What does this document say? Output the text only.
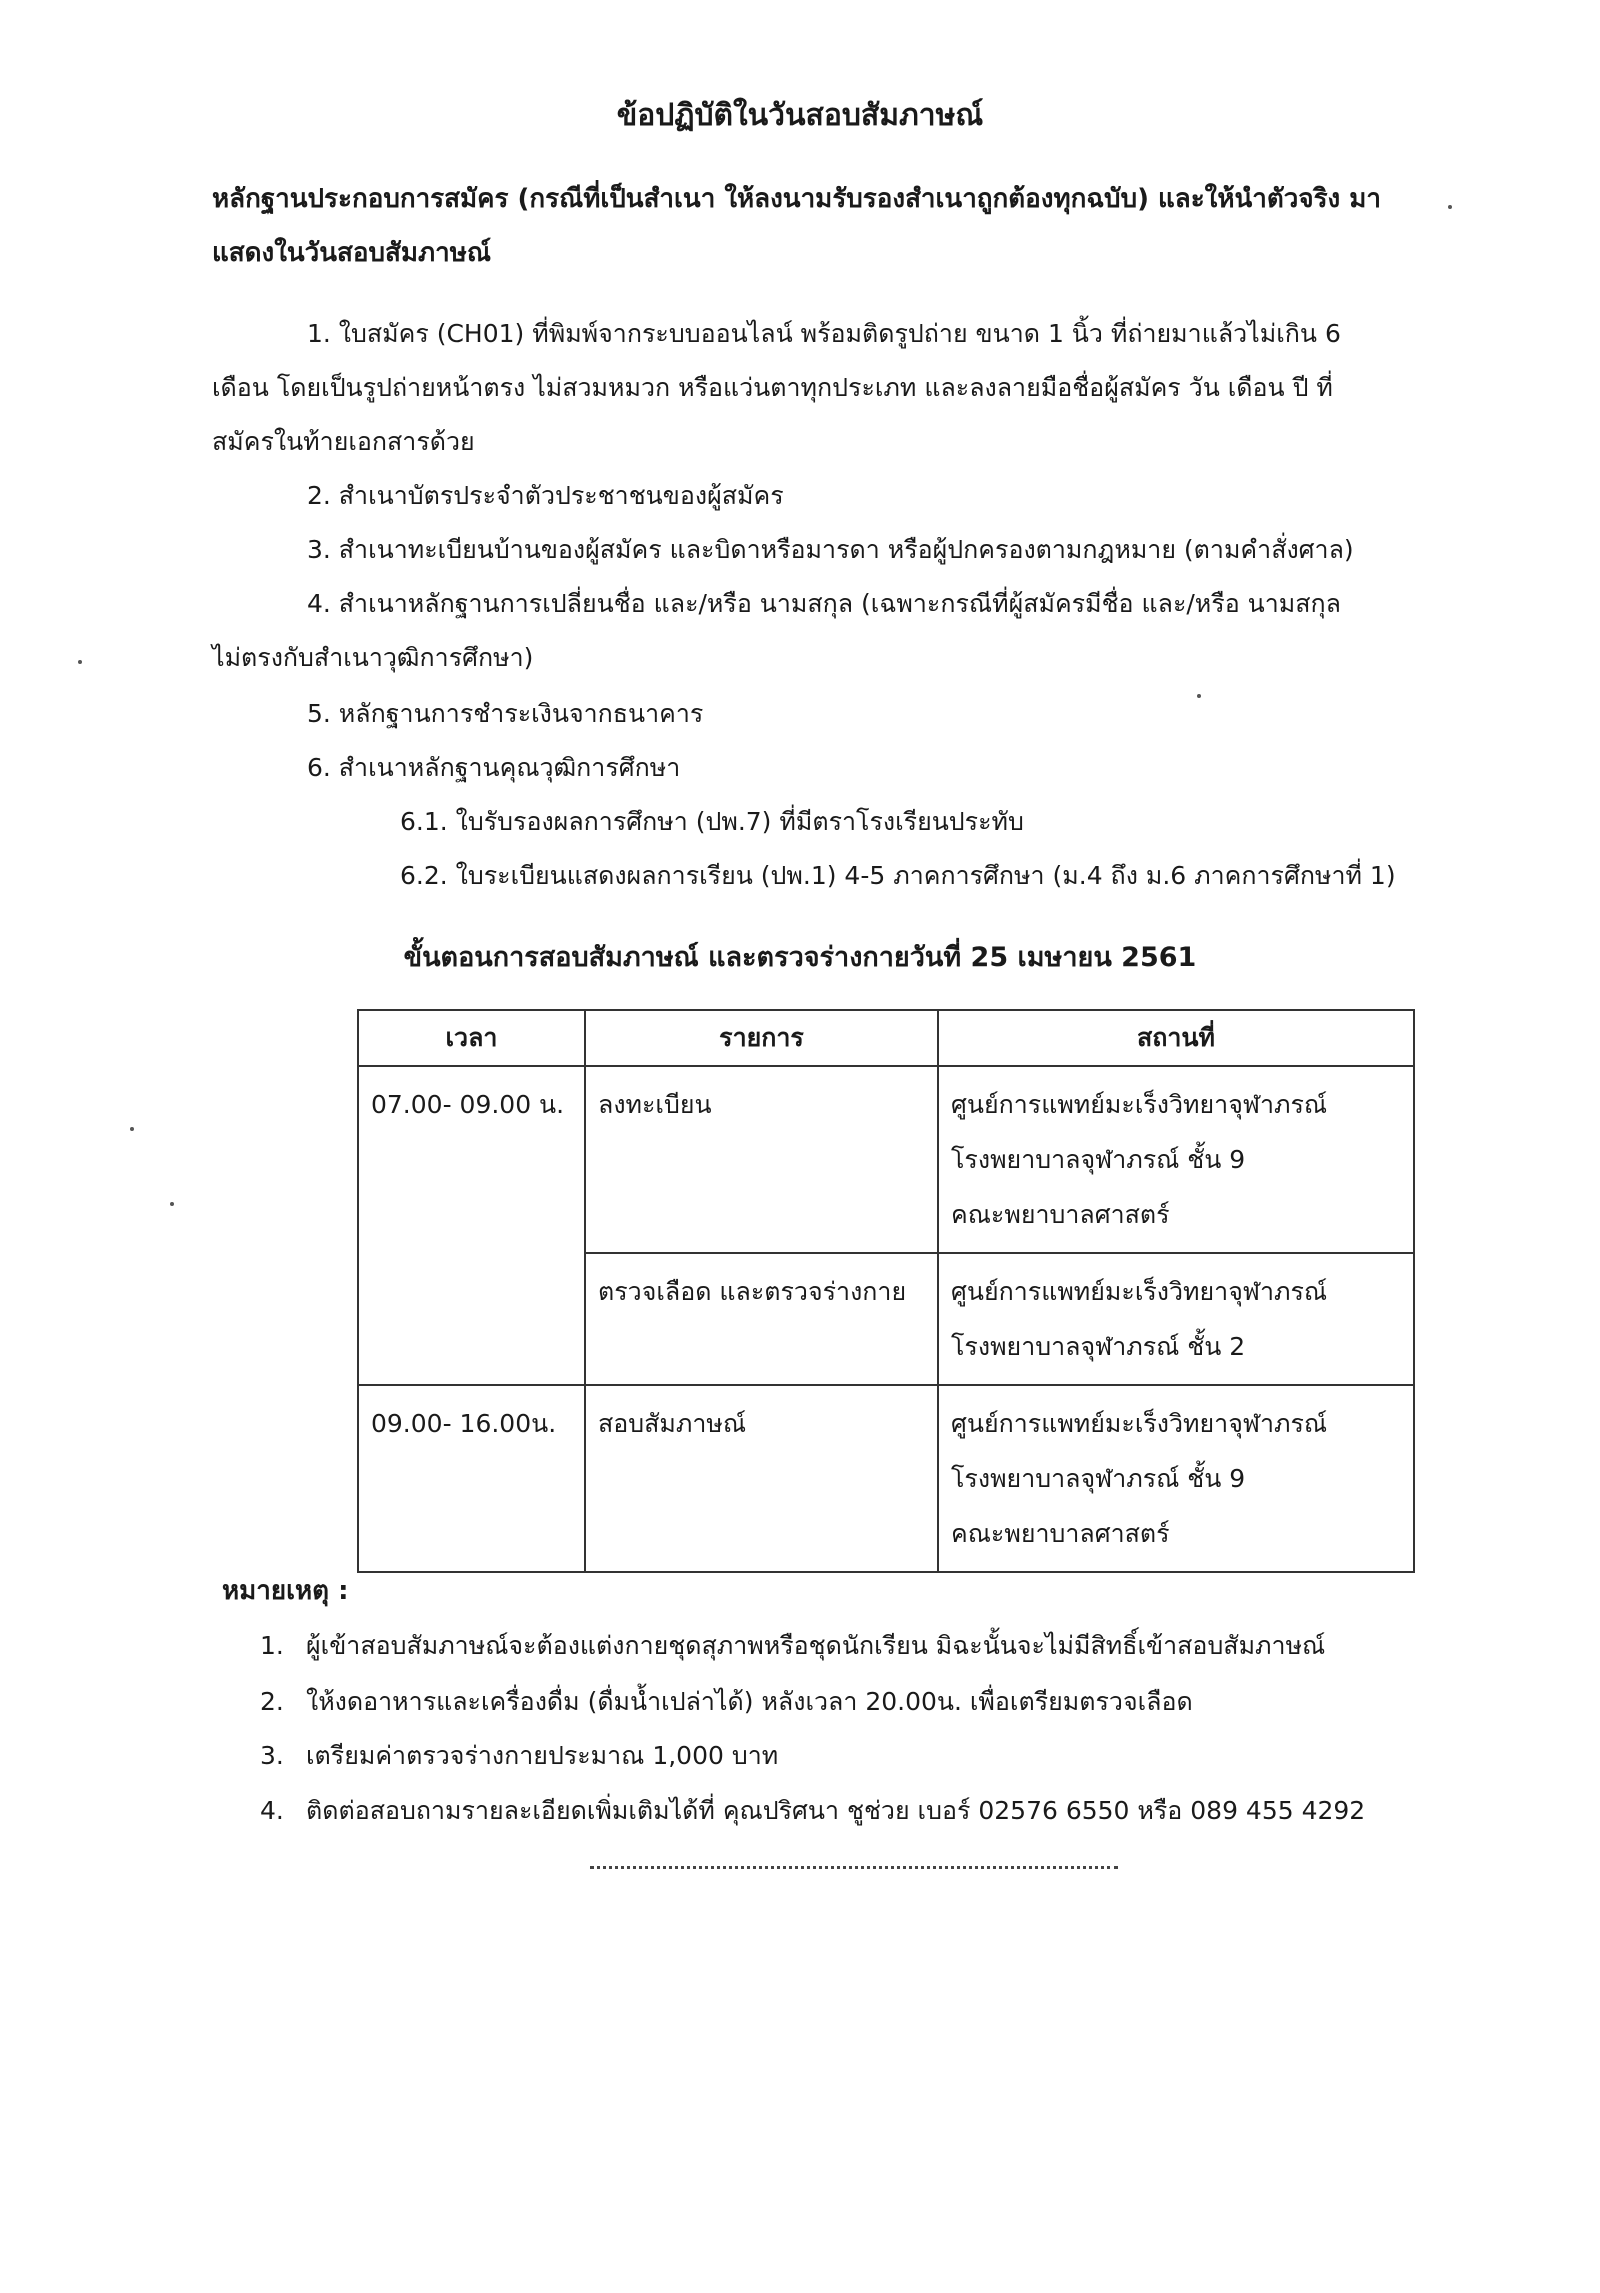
ข้อปฏิบัติในวันสอบสัมภาษณ์
หลักฐานประกอบการสมัคร (กรณีที่เป็นสำเนา ให้ลงนามรับรองสำเนาถูกต้องทุกฉบับ) และให้นำตัวจริง มาแสดงในวันสอบสัมภาษณ์
1. ใบสมัคร (CH01) ที่พิมพ์จากระบบออนไลน์ พร้อมติดรูปถ่าย ขนาด 1 นิ้ว ที่ถ่ายมาแล้วไม่เกิน 6
เดือน โดยเป็นรูปถ่ายหน้าตรง ไม่สวมหมวก หรือแว่นตาทุกประเภท และลงลายมือชื่อผู้สมัคร วัน เดือน ปี ที่
สมัครในท้ายเอกสารด้วย
2. สำเนาบัตรประจำตัวประชาชนของผู้สมัคร
3. สำเนาทะเบียนบ้านของผู้สมัคร และบิดาหรือมารดา หรือผู้ปกครองตามกฎหมาย (ตามคำสั่งศาล)
4. สำเนาหลักฐานการเปลี่ยนชื่อ และ/หรือ นามสกุล (เฉพาะกรณีที่ผู้สมัครมีชื่อ และ/หรือ นามสกุล
ไม่ตรงกับสำเนาวุฒิการศึกษา)
5. หลักฐานการชำระเงินจากธนาคาร
6. สำเนาหลักฐานคุณวุฒิการศึกษา
6.1. ใบรับรองผลการศึกษา (ปพ.7) ที่มีตราโรงเรียนประทับ
6.2. ใบระเบียนแสดงผลการเรียน (ปพ.1) 4-5 ภาคการศึกษา (ม.4 ถึง ม.6 ภาคการศึกษาที่ 1)
ขั้นตอนการสอบสัมภาษณ์ และตรวจร่างกายวันที่ 25 เมษายน 2561
เวลา	รายการ	สถานที่
07.00- 09.00 น.	ลงทะเบียน	ศูนย์การแพทย์มะเร็งวิทยาจุฬาภรณ์
โรงพยาบาลจุฬาภรณ์ ชั้น 9
คณะพยาบาลศาสตร์

	ตรวจเลือด และตรวจร่างกาย	ศูนย์การแพทย์มะเร็งวิทยาจุฬาภรณ์
โรงพยาบาลจุฬาภรณ์ ชั้น 2

09.00- 16.00น.	สอบสัมภาษณ์	ศูนย์การแพทย์มะเร็งวิทยาจุฬาภรณ์
โรงพยาบาลจุฬาภรณ์ ชั้น 9
คณะพยาบาลศาสตร์
หมายเหตุ :
1. ผู้เข้าสอบสัมภาษณ์จะต้องแต่งกายชุดสุภาพหรือชุดนักเรียน มิฉะนั้นจะไม่มีสิทธิ์เข้าสอบสัมภาษณ์
2. ให้งดอาหารและเครื่องดื่ม (ดื่มน้ำเปล่าได้) หลังเวลา 20.00น. เพื่อเตรียมตรวจเลือด
3. เตรียมค่าตรวจร่างกายประมาณ 1,000 บาท
4. ติดต่อสอบถามรายละเอียดเพิ่มเติมได้ที่ คุณปริศนา ชูช่วย เบอร์ 02576 6550 หรือ 089 455 4292
